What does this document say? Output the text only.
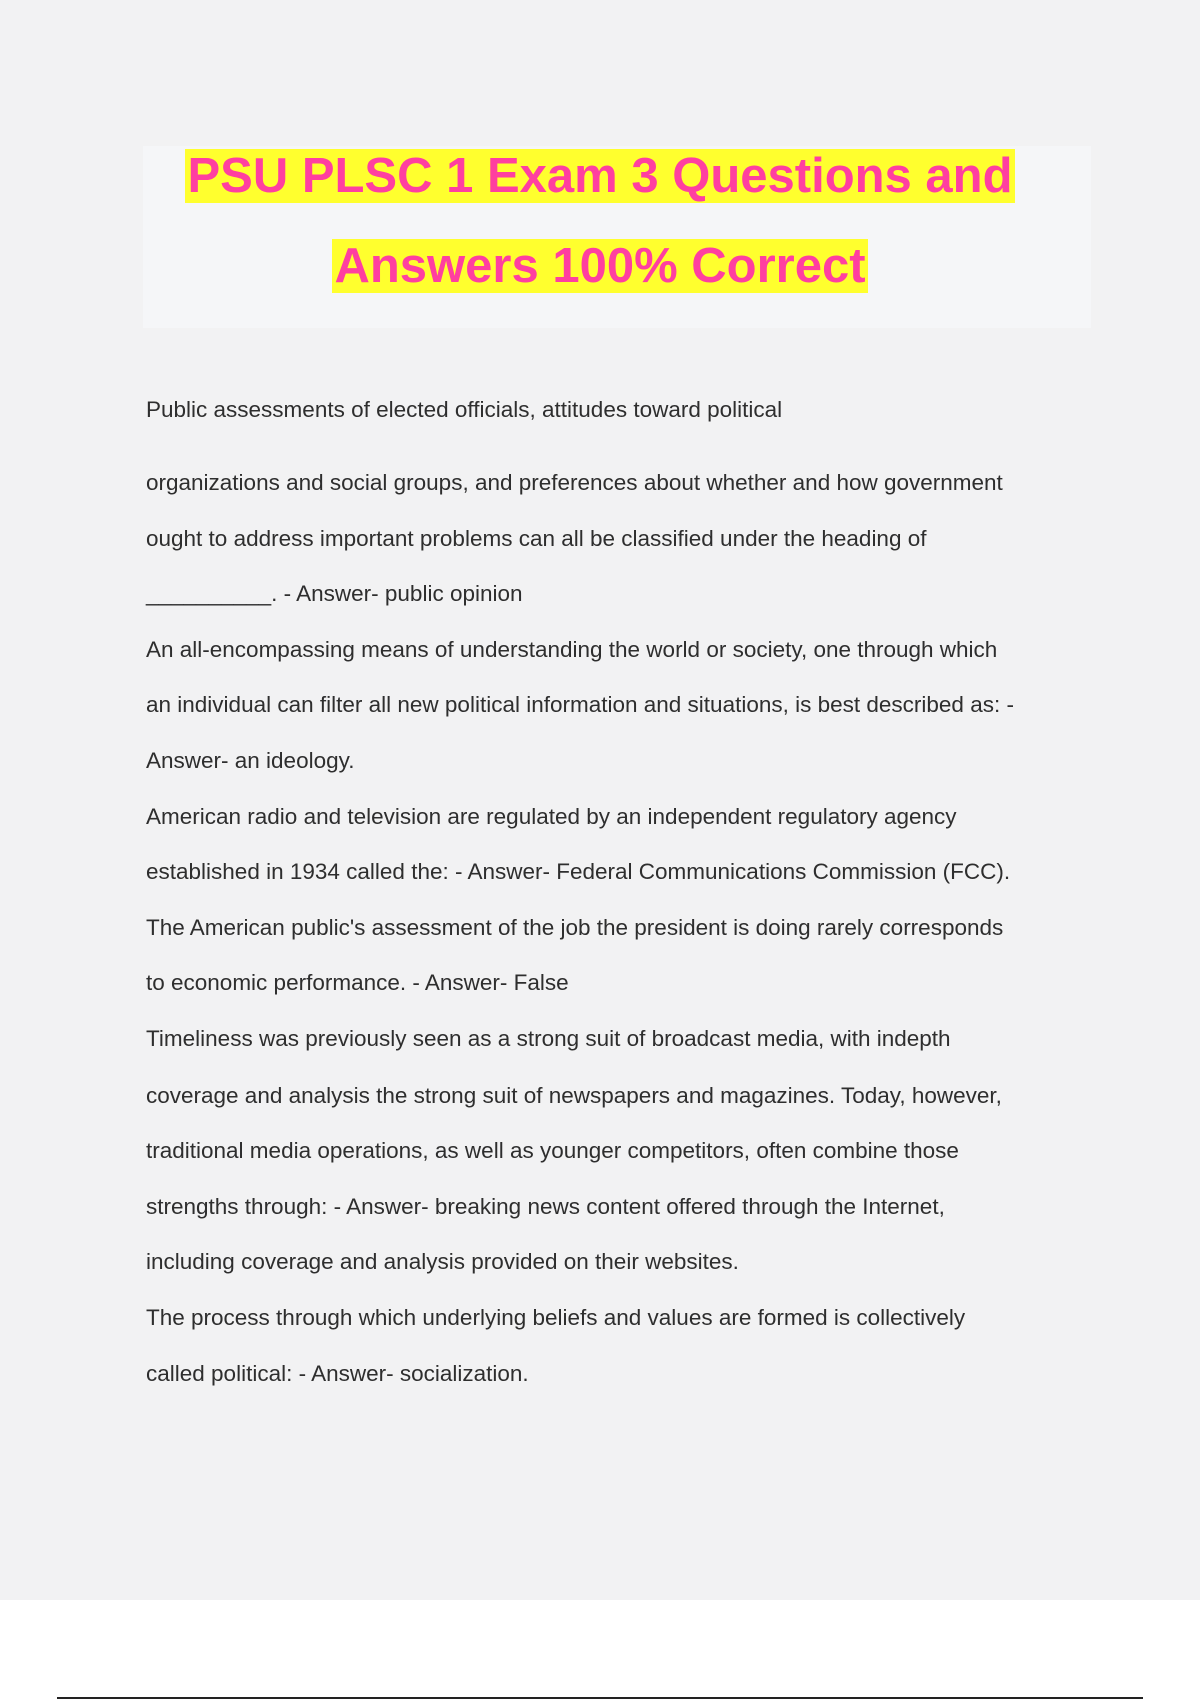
PSU PLSC 1 Exam 3 Questions and
Answers 100% Correct
Public assessments of elected officials, attitudes toward political
organizations and social groups, and preferences about whether and how government
ought to address important problems can all be classified under the heading of
__________. - Answer- public opinion
An all-encompassing means of understanding the world or society, one through which
an individual can filter all new political information and situations, is best described as: -
Answer- an ideology.
American radio and television are regulated by an independent regulatory agency
established in 1934 called the: - Answer- Federal Communications Commission (FCC).
The American public's assessment of the job the president is doing rarely corresponds
to economic performance. - Answer- False
Timeliness was previously seen as a strong suit of broadcast media, with indepth
coverage and analysis the strong suit of newspapers and magazines. Today, however,
traditional media operations, as well as younger competitors, often combine those
strengths through: - Answer- breaking news content offered through the Internet,
including coverage and analysis provided on their websites.
The process through which underlying beliefs and values are formed is collectively
called political: - Answer- socialization.
